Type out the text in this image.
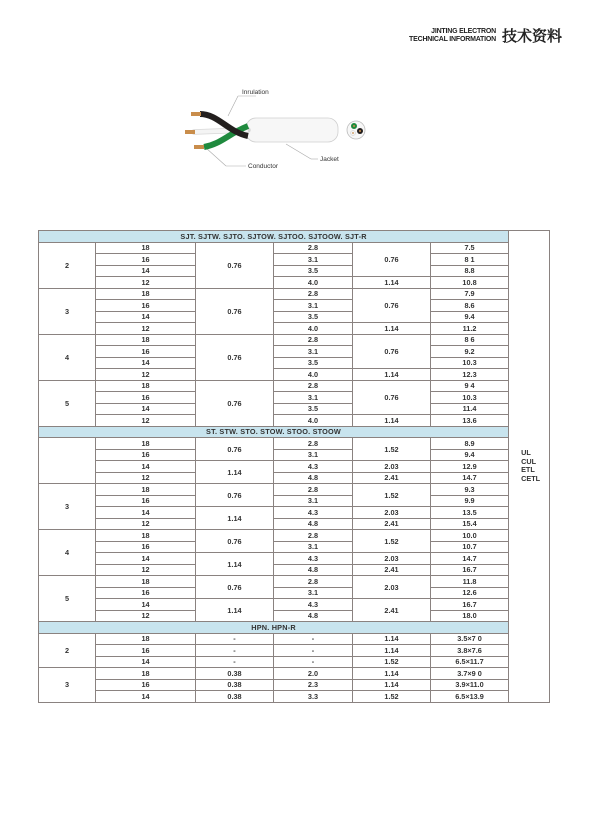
JINTING ELECTRON
TECHNICAL INFORMATION 技术资料
Inrulation
Conductor
Jacket
SJT. SJTW. SJTO. SJTOW. SJTOO. SJTOOW. SJT-R						UL
CUL
ETL
CETL

2	18	0.76	2.8	0.76	7.5	
	16		3.1		8 1	
	14		3.5		8.8	
	12		4.0	1.14	10.8	
3	18	0.76	2.8	0.76	7.9	
	16		3.1		8.6	
	14		3.5		9.4	
	12		4.0	1.14	11.2	
4	18	0.76	2.8	0.76	8 6	
	16		3.1		9.2	
	14		3.5		10.3	
	12		4.0	1.14	12.3	
5	18	0.76	2.8	0.76	9 4	
	16		3.1		10.3	
	14		3.5		11.4	
	12		4.0	1.14	13.6	
ST. STW. STO. STOW. STOO. STOOW						
	18	0.76	2.8	1.52	8.9	
	16		3.1		9.4	
	14	1.14	4.3	2.03	12.9	
	12		4.8	2.41	14.7	
3	18	0.76	2.8	1.52	9.3	
	16		3.1		9.9	
	14	1.14	4.3	2.03	13.5	
	12		4.8	2.41	15.4	
4	18	0.76	2.8	1.52	10.0	
	16		3.1		10.7	
	14	1.14	4.3	2.03	14.7	
	12		4.8	2.41	16.7	
5	18	0.76	2.8	2.03	11.8	
	16		3.1		12.6	
	14	1.14	4.3	2.41	16.7	
	12		4.8		18.0	
HPN. HPN-R						
2	18	-	-	1.14	3.5×7 0	
	16	-	-	1.14	3.8×7.6	
	14	-	-	1.52	6.5×11.7	
3	18	0.38	2.0	1.14	3.7×9 0	
	16	0.38	2.3	1.14	3.9×11.0	
	14	0.38	3.3	1.52	6.5×13.9	
